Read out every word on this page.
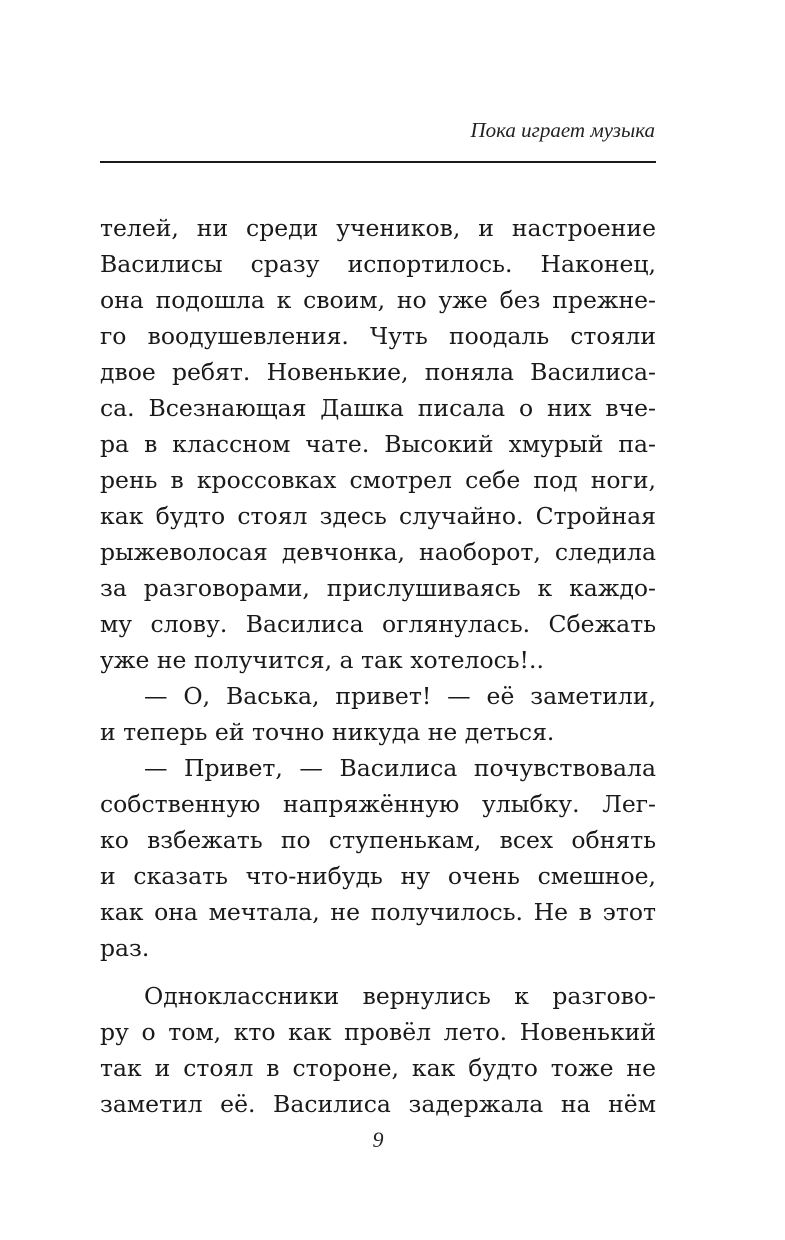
Пока играет музыка
телей, ни среди учеников, и настроение
Василисы сразу испортилось. Наконец,
она подошла к своим, но уже без прежне-
го воодушевления. Чуть поодаль стояли
двое ребят. Новенькие, поняла Василисa-
са. Всезнающая Дашка писала о них вче-
ра в классном чате. Высокий хмурый па-
рень в кроссовках смотрел себе под ноги,
как будто стоял здесь случайно. Стройная
рыжеволосая девчонка, наоборот, следила
за разговорами, прислушиваясь к каждо-
му слову. Василиса оглянулась. Сбежать
уже не получится, а так хотелось!..
— О, Васька, привет! — её заметили,
и теперь ей точно никуда не деться.
— Привет, — Василиса почувствовала
собственную напряжённую улыбку. Лег-
ко взбежать по ступенькам, всех обнять
и сказать что-нибудь ну очень смешное,
как она мечтала, не получилось. Не в этот
раз.
Одноклассники вернулись к разгово-
ру о том, кто как провёл лето. Новенький
так и стоял в стороне, как будто тоже не
заметил её. Василиса задержала на нём
9
